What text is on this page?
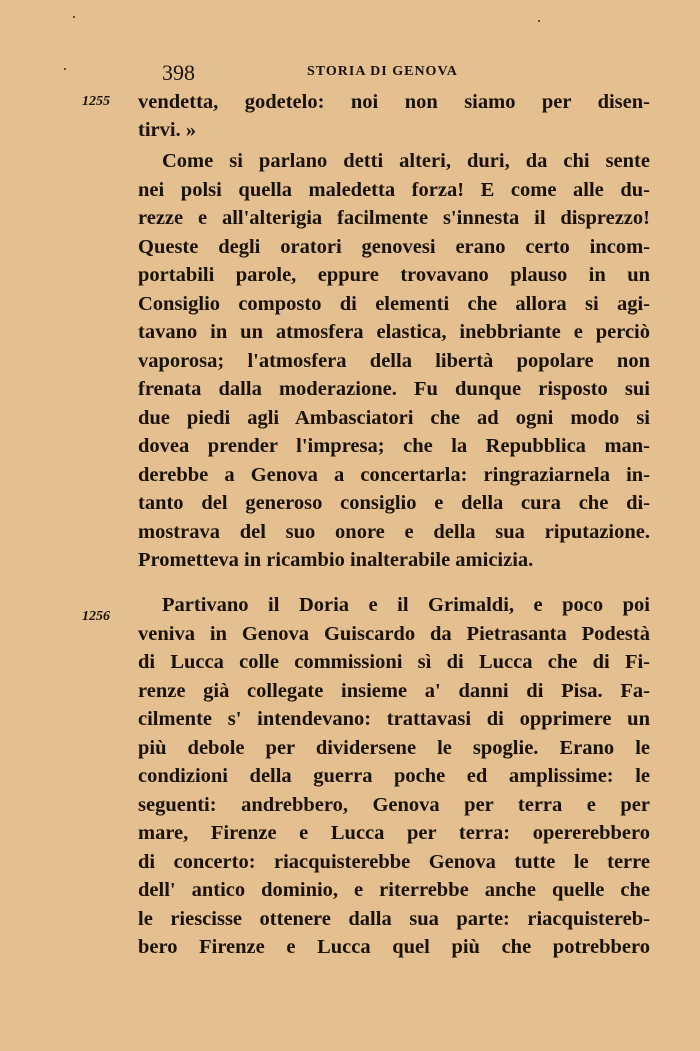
398	STORIA DI GENOVA
1255
1256
vendetta, godetelo: noi non siamo per disen-
tirvi. »
Come si parlano detti alteri, duri, da chi sente
nei polsi quella maledetta forza! E come alle du-
rezze e all'alterigia facilmente s'innesta il disprezzo!
Queste degli oratori genovesi erano certo incom-
portabili parole, eppure trovavano plauso in un
Consiglio composto di elementi che allora si agi-
tavano in un atmosfera elastica, inebbriante e perciò
vaporosa; l'atmosfera della libertà popolare non
frenata dalla moderazione. Fu dunque risposto sui
due piedi agli Ambasciatori che ad ogni modo si
dovea prender l'impresa; che la Repubblica man-
derebbe a Genova a concertarla: ringraziarnela in-
tanto del generoso consiglio e della cura che di-
mostrava del suo onore e della sua riputazione.
Prometteva in ricambio inalterabile amicizia.
Partivano il Doria e il Grimaldi, e poco poi
veniva in Genova Guiscardo da Pietrasanta Podestà
di Lucca colle commissioni sì di Lucca che di Fi-
renze già collegate insieme a' danni di Pisa. Fa-
cilmente s' intendevano: trattavasi di opprimere un
più debole per dividersene le spoglie. Erano le
condizioni della guerra poche ed amplissime: le
seguenti: andrebbero, Genova per terra e per
mare, Firenze e Lucca per terra: opererebbero
di concerto: riacquisterebbe Genova tutte le terre
dell' antico dominio, e riterrebbe anche quelle che
le riescisse ottenere dalla sua parte: riacquistereb-
bero Firenze e Lucca quel più che potrebbero
